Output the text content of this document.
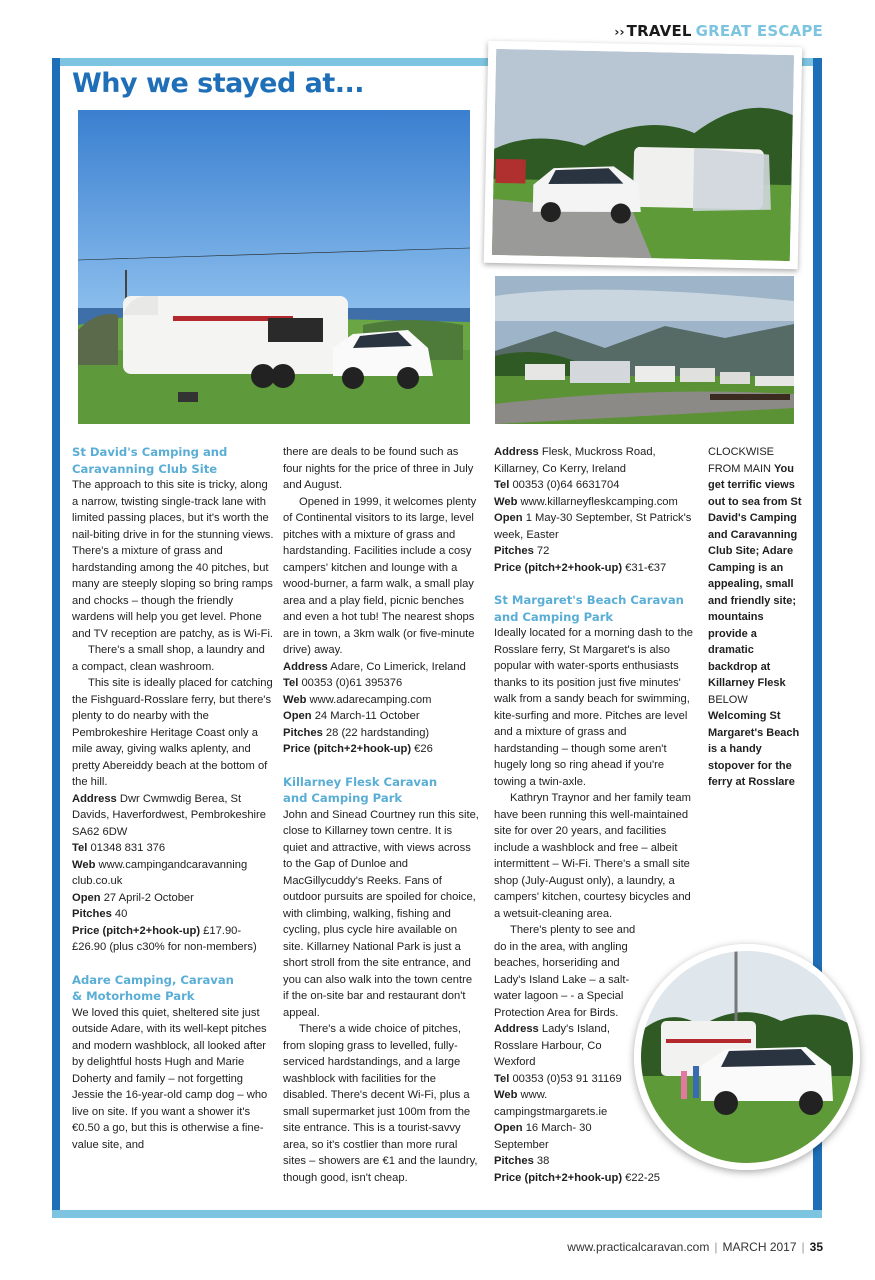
›› TRAVEL GREAT ESCAPE
Why we stayed at...

St David's Camping and
Caravanning Club Site

The approach to this site is tricky, along a narrow, twisting single-track lane with limited passing places, but it's worth the nail-biting drive in for the stunning views. There's a mixture of grass and hardstanding among the 40 pitches, but many are steeply sloping so bring ramps and chocks – though the friendly wardens will help you get level. Phone and TV reception are patchy, as is Wi-Fi.

There's a small shop, a laundry and a compact, clean washroom.

This site is ideally placed for catching the Fishguard-Rosslare ferry, but there's plenty to do nearby with the Pembrokeshire Heritage Coast only a mile away, giving walks aplenty, and pretty Abereiddy beach at the bottom of the hill.

Address Dwr Cwmwdig Berea, St Davids, Haverfordwest, Pembrokeshire SA62 6DW

Tel 01348 831 376

Web www.campingandcaravanning club.co.uk

Open 27 April-2 October

Pitches 40

Price (pitch+2+hook-up) £17.90-£26.90 (plus c30% for non-members)

Adare Camping, Caravan
& Motorhome Park

We loved this quiet, sheltered site just outside Adare, with its well-kept pitches and modern washblock, all looked after by delightful hosts Hugh and Marie Doherty and family – not forgetting Jessie the 16-year-old camp dog – who live on site. If you want a shower it's €0.50 a go, but this is otherwise a fine-value site, and

there are deals to be found such as four nights for the price of three in July and August.

Opened in 1999, it welcomes plenty of Continental visitors to its large, level pitches with a mixture of grass and hardstanding. Facilities include a cosy campers' kitchen and lounge with a wood-burner, a farm walk, a small play area and a play field, picnic benches and even a hot tub! The nearest shops are in town, a 3km walk (or five-minute drive) away.

Address Adare, Co Limerick, Ireland

Tel 00353 (0)61 395376

Web www.adarecamping.com

Open 24 March-11 October

Pitches 28 (22 hardstanding)

Price (pitch+2+hook-up) €26

Killarney Flesk Caravan
and Camping Park

John and Sinead Courtney run this site, close to Killarney town centre. It is quiet and attractive, with views across to the Gap of Dunloe and MacGillycuddy's Reeks. Fans of outdoor pursuits are spoiled for choice, with climbing, walking, fishing and cycling, plus cycle hire available on site. Killarney National Park is just a short stroll from the site entrance, and you can also walk into the town centre if the on-site bar and restaurant don't appeal.

There's a wide choice of pitches, from sloping grass to levelled, fully-serviced hardstandings, and a large washblock with facilities for the disabled. There's decent Wi-Fi, plus a small supermarket just 100m from the site entrance. This is a tourist-savvy area, so it's costlier than more rural sites – showers are €1 and the laundry, though good, isn't cheap.

Address Flesk, Muckross Road, Killarney, Co Kerry, Ireland

Tel 00353 (0)64 6631704

Web www.killarneyfleskcamping.com

Open 1 May-30 September, St Patrick's week, Easter

Pitches 72

Price (pitch+2+hook-up) €31-€37

St Margaret's Beach Caravan
and Camping Park

Ideally located for a morning dash to the Rosslare ferry, St Margaret's is also popular with water-sports enthusiasts thanks to its position just five minutes' walk from a sandy beach for swimming, kite-surfing and more. Pitches are level and a mixture of grass and hardstanding – though some aren't hugely long so ring ahead if you're towing a twin-axle.

Kathryn Traynor and her family team have been running this well-maintained site for over 20 years, and facilities include a washblock and free – albeit intermittent – Wi-Fi. There's a small site shop (July-August only), a laundry, a campers' kitchen, courtesy bicycles and a wetsuit-cleaning area.

There's plenty to see and do in the area, with angling beaches, horseriding and Lady's Island Lake – a salt-water lagoon – - a Special Protection Area for Birds.

Address Lady's Island, Rosslare Harbour, Co Wexford

Tel 00353 (0)53 91 31169 Web www. campingstmargarets.ie

Open 16 March- 30 September

Pitches 38

Price (pitch+2+hook-up) €22-25

CLOCKWISE FROM MAIN You get terrific views out to sea from St David's Camping and Caravanning Club Site; Adare Camping is an appealing, small and friendly site; mountains provide a dramatic backdrop at Killarney Flesk

BELOW
Welcoming St Margaret's Beach is a handy stopover for the ferry at Rosslare

www.practicalcaravan.com | MARCH 2017 | 35
